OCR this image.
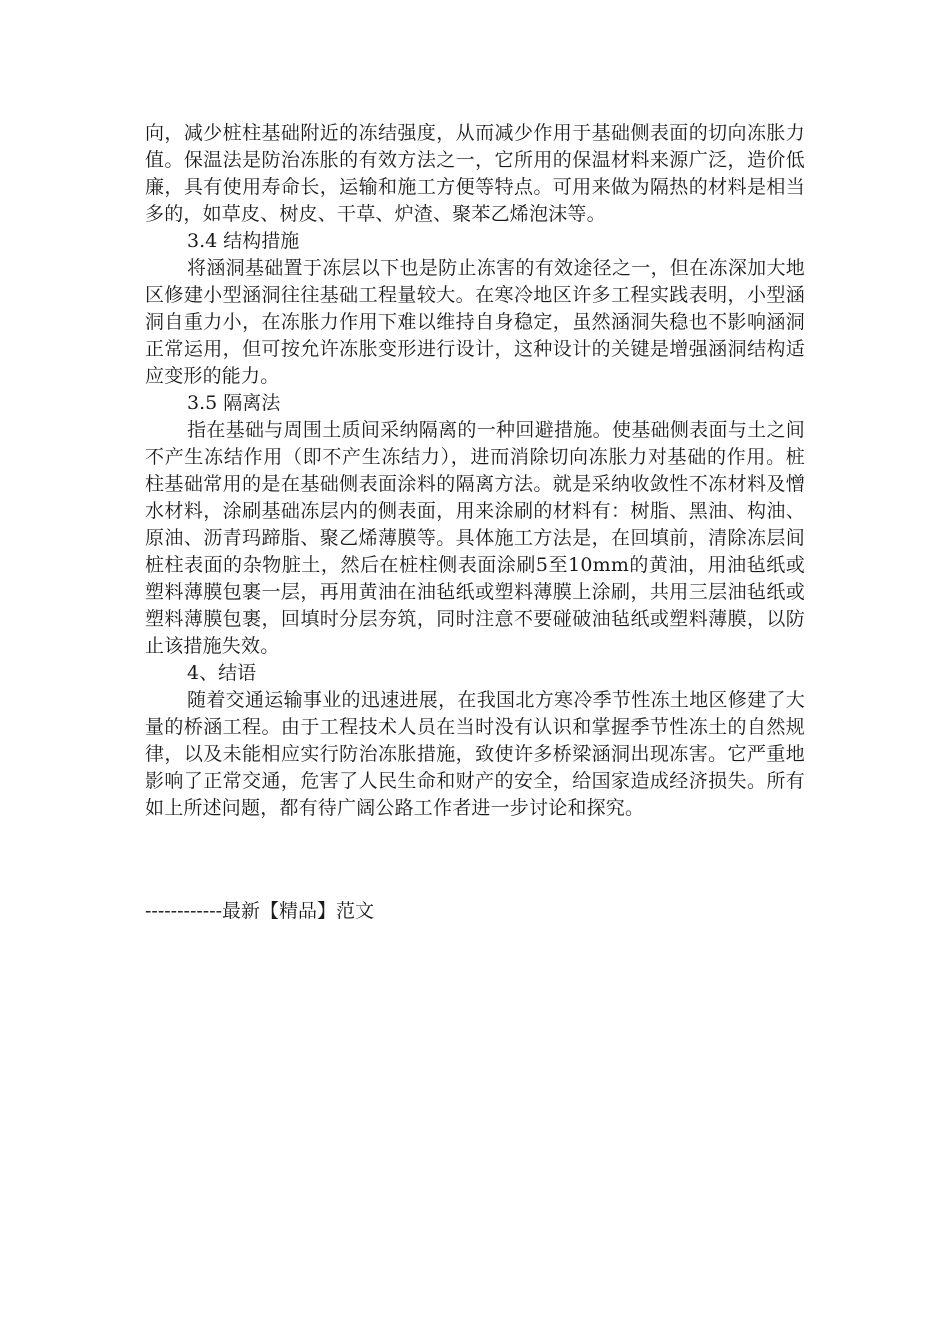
向，减少桩柱基础附近的冻结强度，从而减少作用于基础侧表面的切向冻胀力值。保温法是防治冻胀的有效方法之一，它所用的保温材料来源广泛，造价低廉，具有使用寿命长，运输和施工方便等特点。可用来做为隔热的材料是相当多的，如草皮、树皮、干草、炉渣、聚苯乙烯泡沫等。

3.4 结构措施

将涵洞基础置于冻层以下也是防止冻害的有效途径之一，但在冻深加大地区修建小型涵洞往往基础工程量较大。在寒冷地区许多工程实践表明，小型涵洞自重力小，在冻胀力作用下难以维持自身稳定，虽然涵洞失稳也不影响涵洞正常运用，但可按允许冻胀变形进行设计，这种设计的关键是增强涵洞结构适应变形的能力。

3.5 隔离法

指在基础与周围土质间采纳隔离的一种回避措施。使基础侧表面与土之间不产生冻结作用（即不产生冻结力），进而消除切向冻胀力对基础的作用。桩柱基础常用的是在基础侧表面涂料的隔离方法。就是采纳收敛性不冻材料及憎水材料，涂刷基础冻层内的侧表面，用来涂刷的材料有：树脂、黑油、构油、原油、沥青玛蹄脂、聚乙烯薄膜等。具体施工方法是，在回填前，清除冻层间桩柱表面的杂物脏土，然后在桩柱侧表面涂刷5至10mm的黄油，用油毡纸或塑料薄膜包裹一层，再用黄油在油毡纸或塑料薄膜上涂刷，共用三层油毡纸或塑料薄膜包裹，回填时分层夯筑，同时注意不要碰破油毡纸或塑料薄膜，以防止该措施失效。

4、结语

随着交通运输事业的迅速进展，在我国北方寒冷季节性冻土地区修建了大量的桥涵工程。由于工程技术人员在当时没有认识和掌握季节性冻土的自然规律，以及未能相应实行防治冻胀措施，致使许多桥梁涵洞出现冻害。它严重地影响了正常交通，危害了人民生命和财产的安全，给国家造成经济损失。所有如上所述问题，都有待广阔公路工作者进一步讨论和探究。

------------最新【精品】范文
